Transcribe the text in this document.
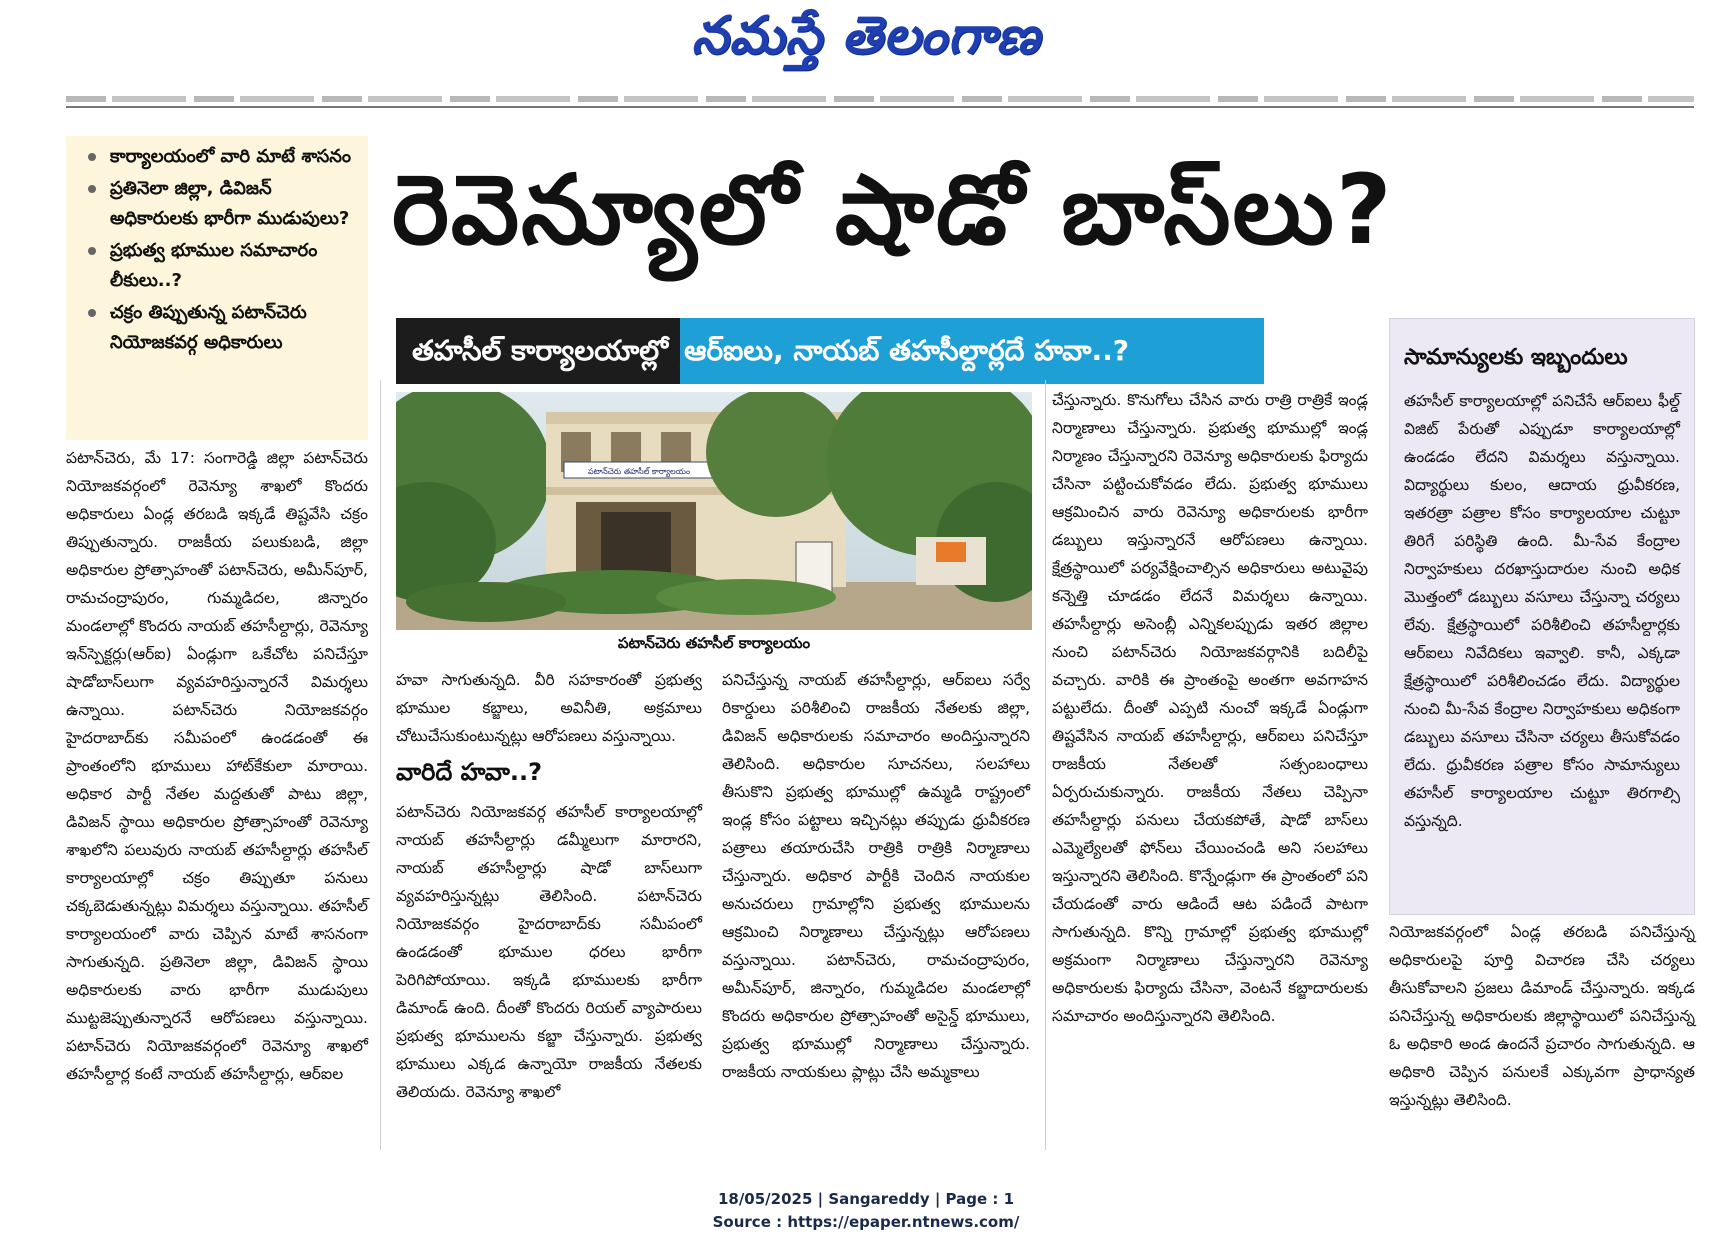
నమస్తే తెలంగాణ
కార్యాలయంలో వారి మాటే శాసనం
ప్రతినెలా జిల్లా, డివిజన్ అధికారులకు భారీగా ముడుపులు?
ప్రభుత్వ భూముల సమాచారం లీకులు..?
చక్రం తిప్పుతున్న పటాన్‌చెరు నియోజకవర్గ అధికారులు
రెవెన్యూలో షాడో బాస్‌లు?
తహసీల్ కార్యాలయాల్లో ఆర్‌ఐలు, నాయబ్ తహసీల్దార్లదే హవా..?
పటాన్‌చెరు తహసీల్ కార్యాలయం
పటాన్‌చెరు తహసీల్ కార్యాలయం

పటాన్‌చెరు, మే 17: సంగారెడ్డి జిల్లా పటాన్‌చెరు నియోజకవర్గంలో రెవెన్యూ శాఖలో కొందరు అధికారులు ఏండ్ల తరబడి ఇక్కడే తిష్టవేసి చక్రం తిప్పుతున్నారు. రాజకీయ పలుకుబడి, జిల్లా అధికారుల ప్రోత్సాహంతో పటాన్‌చెరు, అమీన్‌పూర్, రామచంద్రాపురం, గుమ్మడిదల, జిన్నారం మండలాల్లో కొందరు నాయబ్ తహసీల్దార్లు, రెవెన్యూ ఇన్‌స్పెక్టర్లు(ఆర్‌ఐ) ఏండ్లుగా ఒకేచోట పనిచేస్తూ షాడోబాస్‌లుగా వ్యవహరిస్తున్నారనే విమర్శలు ఉన్నాయి. పటాన్‌చెరు నియోజకవర్గం హైదరాబాద్‌కు సమీపంలో ఉండడంతో ఈ ప్రాంతంలోని భూములు హాట్‌కేకులా మారాయి. అధికార పార్టీ నేతల మద్దతుతో పాటు జిల్లా, డివిజన్ స్థాయి అధికారుల ప్రోత్సాహంతో రెవెన్యూ శాఖలోని పలువురు నాయబ్ తహసీల్దార్లు తహసీల్ కార్యాలయాల్లో చక్రం తిప్పుతూ పనులు చక్కబెడుతున్నట్లు విమర్శలు వస్తున్నాయి. తహసీల్ కార్యాలయంలో వారు చెప్పిన మాటే శాసనంగా సాగుతున్నది. ప్రతినెలా జిల్లా, డివిజన్ స్థాయి అధికారులకు వారు భారీగా ముడుపులు ముట్టజెప్పుతున్నారనే ఆరోపణలు వస్తున్నాయి. పటాన్‌చెరు నియోజకవర్గంలో రెవెన్యూ శాఖలో తహసీల్దార్ల కంటే నాయబ్ తహసీల్దార్లు, ఆర్‌ఐల

హవా సాగుతున్నది. వీరి సహకారంతో ప్రభుత్వ భూముల కబ్జాలు, అవినీతి, అక్రమాలు చోటుచేసుకుంటున్నట్లు ఆరోపణలు వస్తున్నాయి.

వారిదే హవా..?

పటాన్‌చెరు నియోజకవర్గ తహసీల్ కార్యాలయాల్లో నాయబ్ తహసీల్దార్లు డమ్మీలుగా మారారని, నాయబ్ తహసీల్దార్లు షాడో బాస్‌లుగా వ్యవహరిస్తున్నట్లు తెలిసింది. పటాన్‌చెరు నియోజకవర్గం హైదరాబాద్‌కు సమీపంలో ఉండడంతో భూముల ధరలు భారీగా పెరిగిపోయాయి. ఇక్కడి భూములకు భారీగా డిమాండ్ ఉంది. దీంతో కొందరు రియల్ వ్యాపారులు ప్రభుత్వ భూములను కబ్జా చేస్తున్నారు. ప్రభుత్వ భూములు ఎక్కడ ఉన్నాయో రాజకీయ నేతలకు తెలియదు. రెవెన్యూ శాఖలో

పనిచేస్తున్న నాయబ్ తహసీల్దార్లు, ఆర్‌ఐలు సర్వే రికార్డులు పరిశీలించి రాజకీయ నేతలకు జిల్లా, డివిజన్ అధికారులకు సమాచారం అందిస్తున్నారని తెలిసింది. అధికారుల సూచనలు, సలహాలు తీసుకొని ప్రభుత్వ భూముల్లో ఉమ్మడి రాష్ట్రంలో ఇండ్ల కోసం పట్టాలు ఇచ్చినట్లు తప్పుడు ధ్రువీకరణ పత్రాలు తయారుచేసి రాత్రికి రాత్రికి నిర్మాణాలు చేస్తున్నారు. అధికార పార్టీకి చెందిన నాయకుల అనుచరులు గ్రామాల్లోని ప్రభుత్వ భూములను ఆక్రమించి నిర్మాణాలు చేస్తున్నట్లు ఆరోపణలు వస్తున్నాయి. పటాన్‌చెరు, రామచంద్రాపురం, అమీన్‌పూర్, జిన్నారం, గుమ్మడిదల మండలాల్లో కొందరు అధికారుల ప్రోత్సాహంతో అసైన్డ్ భూములు, ప్రభుత్వ భూముల్లో నిర్మాణాలు చేస్తున్నారు. రాజకీయ నాయకులు ప్లాట్లు చేసి అమ్మకాలు

చేస్తున్నారు. కొనుగోలు చేసిన వారు రాత్రి రాత్రికే ఇండ్ల నిర్మాణాలు చేస్తున్నారు. ప్రభుత్వ భూముల్లో ఇండ్ల నిర్మాణం చేస్తున్నారని రెవెన్యూ అధికారులకు ఫిర్యాదు చేసినా పట్టించుకోవడం లేదు. ప్రభుత్వ భూములు ఆక్రమించిన వారు రెవెన్యూ అధికారులకు భారీగా డబ్బులు ఇస్తున్నారనే ఆరోపణలు ఉన్నాయి. క్షేత్రస్థాయిలో పర్యవేక్షించాల్సిన అధికారులు అటువైపు కన్నెత్తి చూడడం లేదనే విమర్శలు ఉన్నాయి. తహసీల్దార్లు అసెంబ్లీ ఎన్నికలప్పుడు ఇతర జిల్లాల నుంచి పటాన్‌చెరు నియోజకవర్గానికి బదిలీపై వచ్చారు. వారికి ఈ ప్రాంతంపై అంతగా అవగాహన పట్టులేదు. దీంతో ఎప్పటి నుంచో ఇక్కడే ఏండ్లుగా తిష్టవేసిన నాయబ్ తహసీల్దార్లు, ఆర్‌ఐలు పనిచేస్తూ రాజకీయ నేతలతో సత్సంబంధాలు ఏర్పరుచుకున్నారు. రాజకీయ నేతలు చెప్పినా తహసీల్దార్లు పనులు చేయకపోతే, షాడో బాస్‌లు ఎమ్మెల్యేలతో ఫోన్‌లు చేయించండి అని సలహాలు ఇస్తున్నారని తెలిసింది. కొన్నేండ్లుగా ఈ ప్రాంతంలో పని చేయడంతో వారు ఆడిందే ఆట పడిందే పాటగా సాగుతున్నది. కొన్ని గ్రామాల్లో ప్రభుత్వ భూముల్లో అక్రమంగా నిర్మాణాలు చేస్తున్నారని రెవెన్యూ అధికారులకు ఫిర్యాదు చేసినా, వెంటనే కబ్జాదారులకు సమాచారం అందిస్తున్నారని తెలిసింది.

సామాన్యులకు ఇబ్బందులు
తహసీల్ కార్యాలయాల్లో పనిచేసే ఆర్‌ఐలు ఫీల్డ్ విజిట్ పేరుతో ఎప్పుడూ కార్యాలయాల్లో ఉండడం లేదని విమర్శలు వస్తున్నాయి. విద్యార్థులు కులం, ఆదాయ ధ్రువీకరణ, ఇతరత్రా పత్రాల కోసం కార్యాలయాల చుట్టూ తిరిగే పరిస్థితి ఉంది. మీ-సేవ కేంద్రాల నిర్వాహకులు దరఖాస్తుదారుల నుంచి అధిక మొత్తంలో డబ్బులు వసూలు చేస్తున్నా చర్యలు లేవు. క్షేత్రస్థాయిలో పరిశీలించి తహసీల్దార్లకు ఆర్‌ఐలు నివేదికలు ఇవ్వాలి. కానీ, ఎక్కడా క్షేత్రస్థాయిలో పరిశీలించడం లేదు. విద్యార్థుల నుంచి మీ-సేవ కేంద్రాల నిర్వాహకులు అధికంగా డబ్బులు వసూలు చేసినా చర్యలు తీసుకోవడం లేదు. ధ్రువీకరణ పత్రాల కోసం సామాన్యులు తహసీల్ కార్యాలయాల చుట్టూ తిరగాల్సి వస్తున్నది.

నియోజకవర్గంలో ఏండ్ల తరబడి పనిచేస్తున్న అధికారులపై పూర్తి విచారణ చేసి చర్యలు తీసుకోవాలని ప్రజలు డిమాండ్ చేస్తున్నారు. ఇక్కడ పనిచేస్తున్న అధికారులకు జిల్లాస్థాయిలో పనిచేస్తున్న ఓ అధికారి అండ ఉందనే ప్రచారం సాగుతున్నది. ఆ అధికారి చెప్పిన పనులకే ఎక్కువగా ప్రాధాన్యత ఇస్తున్నట్లు తెలిసింది.

18/05/2025 | Sangareddy | Page : 1
Source : https://epaper.ntnews.com/
